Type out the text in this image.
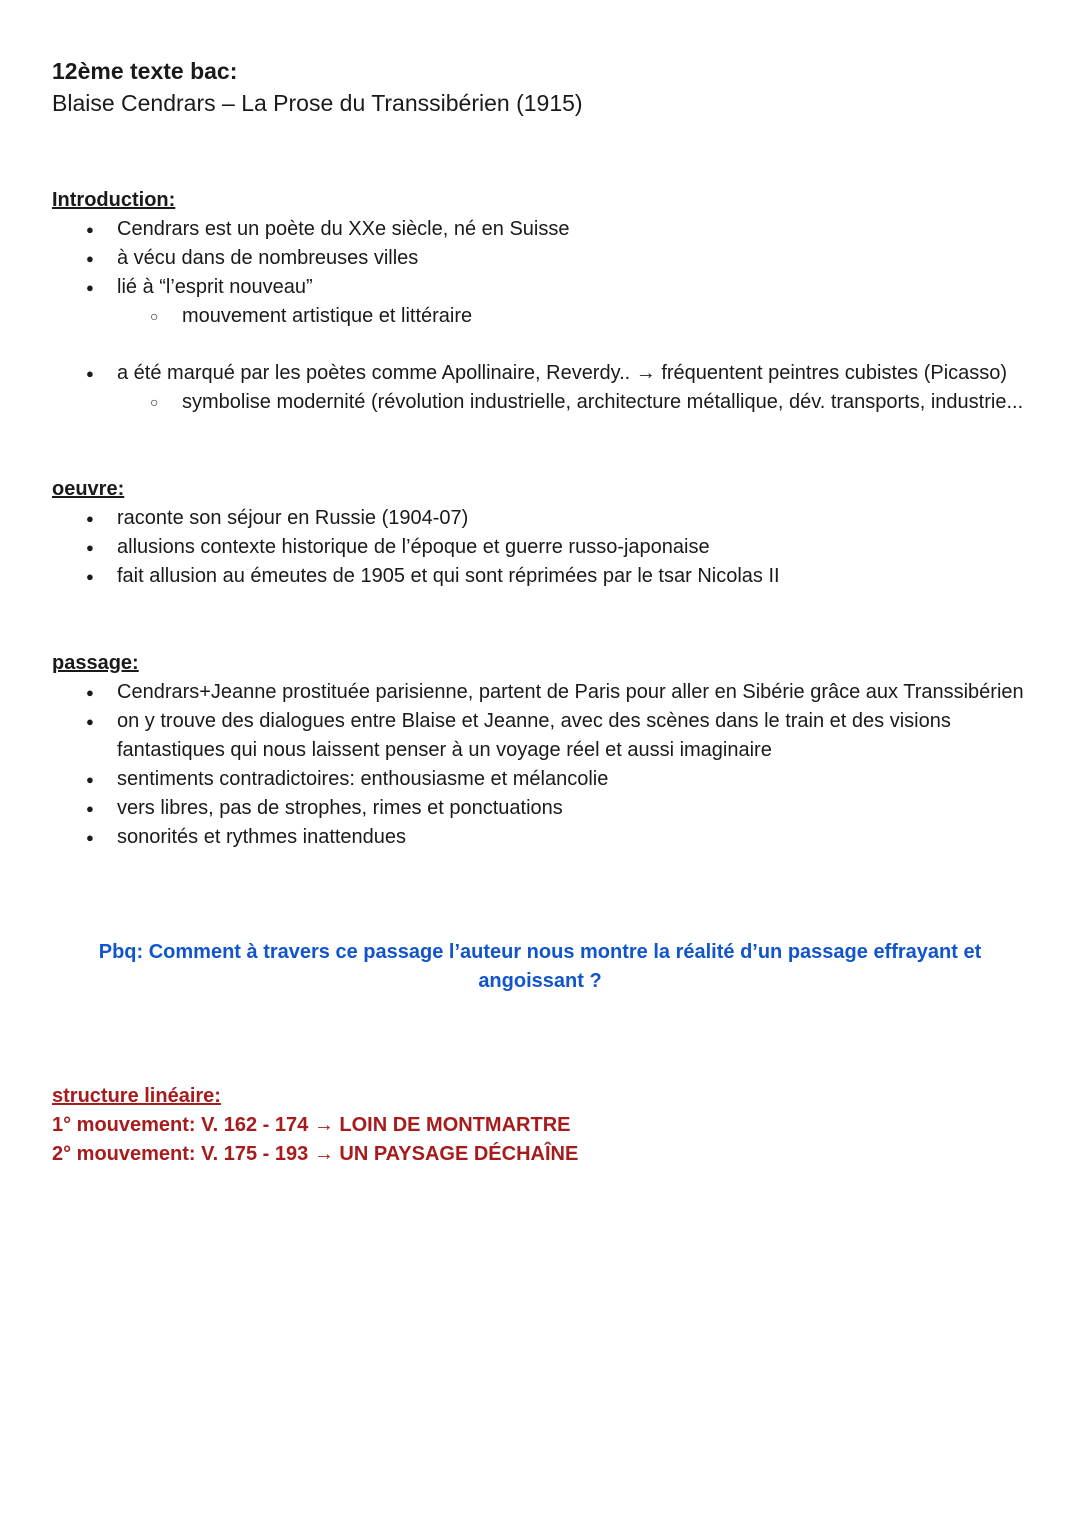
12ème texte bac:

Blaise Cendrars – La Prose du Transsibérien (1915)

Introduction:

● Cendrars est un poète du XXe siècle, né en Suisse
● à vécu dans de nombreuses villes
● lié à “l’esprit nouveau”
○ mouvement artistique et littéraire
● a été marqué par les poètes comme Apollinaire, Reverdy.. → fréquentent peintres cubistes (Picasso)
○ symbolise modernité (révolution industrielle, architecture métallique, dév. transports, industrie...

oeuvre:

● raconte son séjour en Russie (1904-07)
● allusions contexte historique de l’époque et guerre russo-japonaise
● fait allusion au émeutes de 1905 et qui sont réprimées par le tsar Nicolas II

passage:

● Cendrars+Jeanne prostituée parisienne, partent de Paris pour aller en Sibérie grâce aux Transsibérien
● on y trouve des dialogues entre Blaise et Jeanne, avec des scènes dans le train et des visions fantastiques qui nous laissent penser à un voyage réel et aussi imaginaire
● sentiments contradictoires: enthousiasme et mélancolie
● vers libres, pas de strophes, rimes et ponctuations
● sonorités et rythmes inattendues

Pbq: Comment à travers ce passage l’auteur nous montre la réalité d’un passage effrayant et angoissant ?

structure linéaire:

1° mouvement: V. 162 - 174 → LOIN DE MONTMARTRE

2° mouvement: V. 175 - 193 → UN PAYSAGE DÉCHAÎNE
